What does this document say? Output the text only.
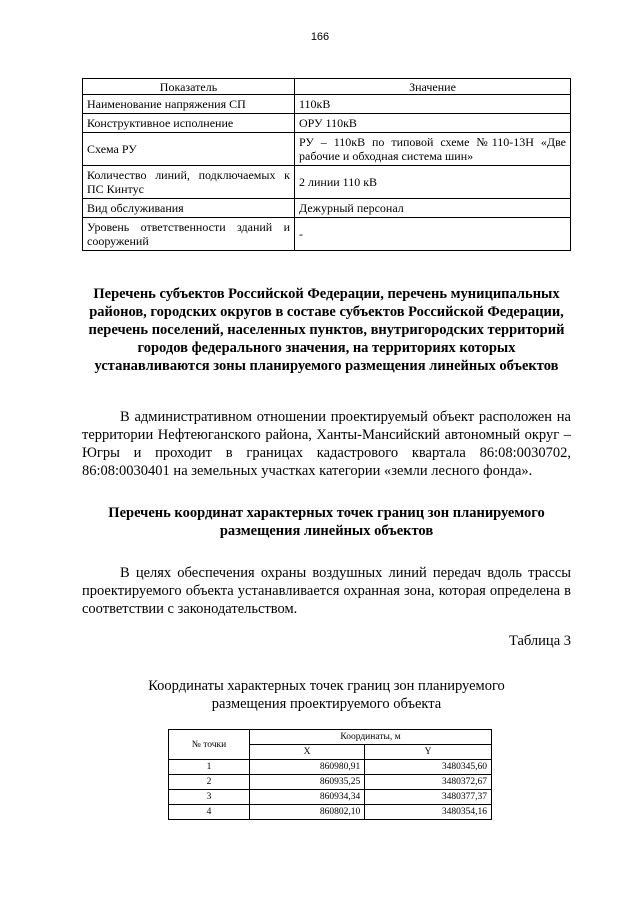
166
Показатель	Значение
Наименование напряжения СП	110кВ
Конструктивное исполнение	ОРУ 110кВ
Схема РУ	РУ – 110кВ по типовой схеме №110-13Н «Две рабочие и обходная система шин»
Количество линий, подключаемых к ПС Кинтус	2 линии 110 кВ
Вид обслуживания	Дежурный персонал
Уровень ответственности зданий и сооружений	-
Перечень субъектов Российской Федерации, перечень муниципальных районов, городских округов в составе субъектов Российской Федерации, перечень поселений, населенных пунктов, внутригородских территорий городов федерального значения, на территориях которых устанавливаются зоны планируемого размещения линейных объектов
В административном отношении проектируемый объект расположен на территории Нефтеюганского района, Ханты-Мансийский автономный округ – Югры и проходит в границах кадастрового квартала 86:08:0030702, 86:08:0030401 на земельных участках категории «земли лесного фонда».
Перечень координат характерных точек границ зон планируемого размещения линейных объектов
В целях обеспечения охраны воздушных линий передач вдоль трассы проектируемого объекта устанавливается охранная зона, которая определена в соответствии с законодательством.
Таблица 3
Координаты характерных точек границ зон планируемого
размещения проектируемого объекта
№ точки	Координаты, м	
	X	Y
1	860980,91	3480345,60
2	860935,25	3480372,67
3	860934,34	3480377,37
4	860802,10	3480354,16
